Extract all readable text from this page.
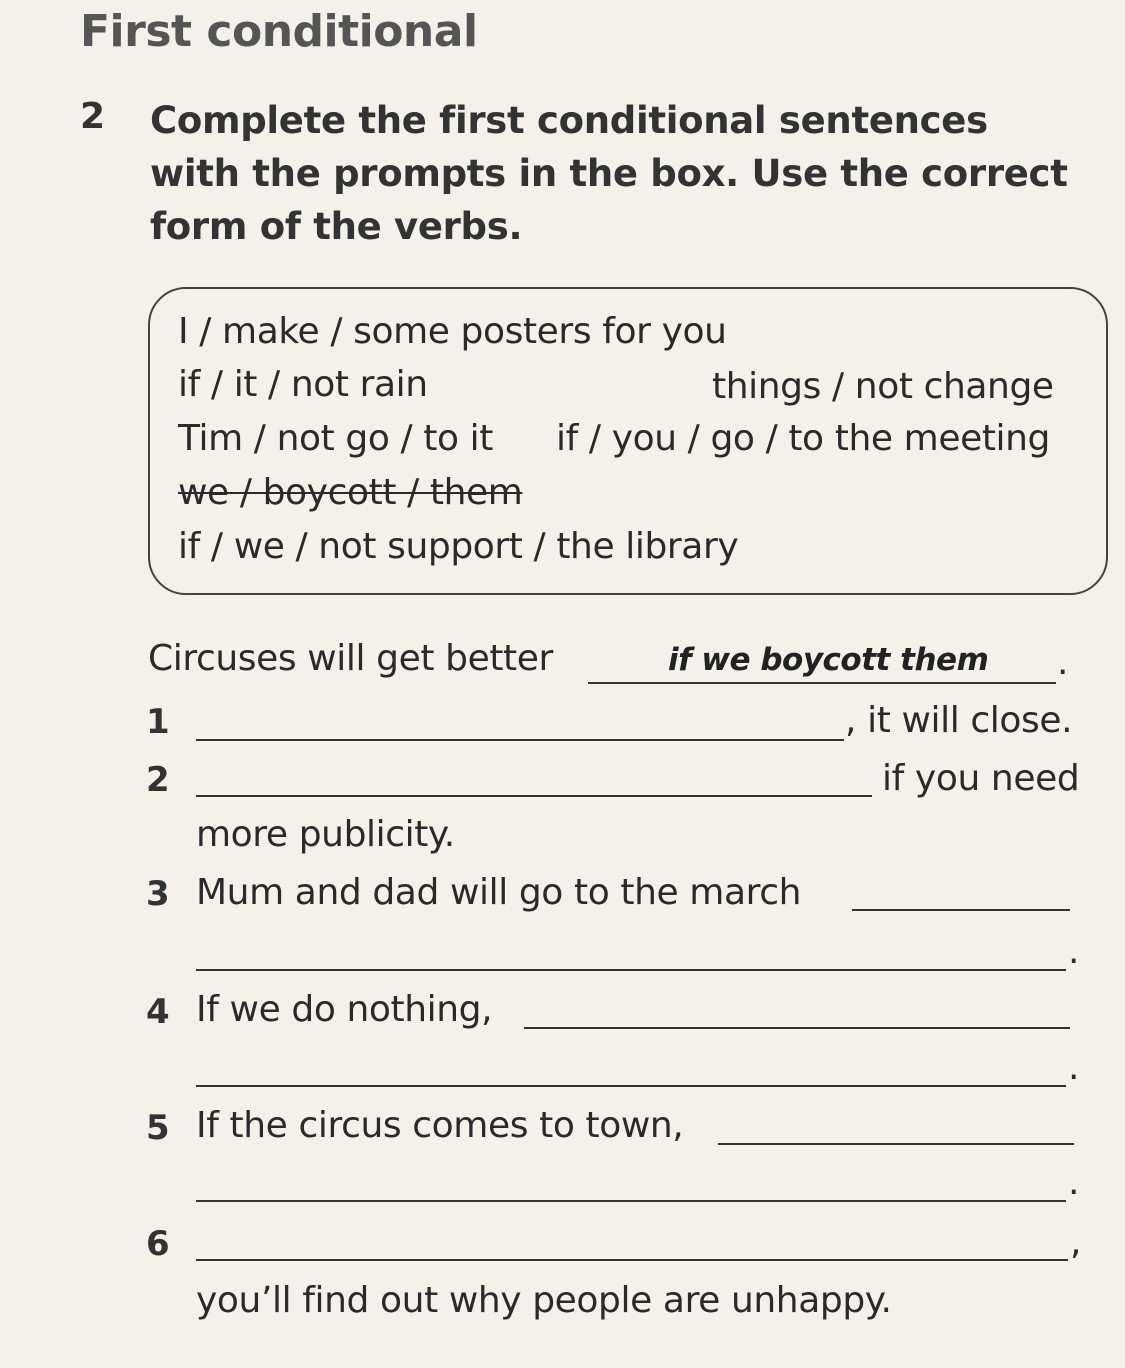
First conditional
2 Complete the first conditional sentences with the prompts in the box. Use the correct form of the verbs.
I / make / some posters for you
if / it / not rain	things / not change
Tim / not go / to it if / you / go / to the meeting
we / boycott / them
if / we / not support / the library
Circuses will get better	if we boycott them .
1	, it will close.
2	if you need
more publicity.
3 Mum and dad will go to the march
.
4 If we do nothing,
.
5 If the circus comes to town,
.
6	,
you’ll find out why people are unhappy.
